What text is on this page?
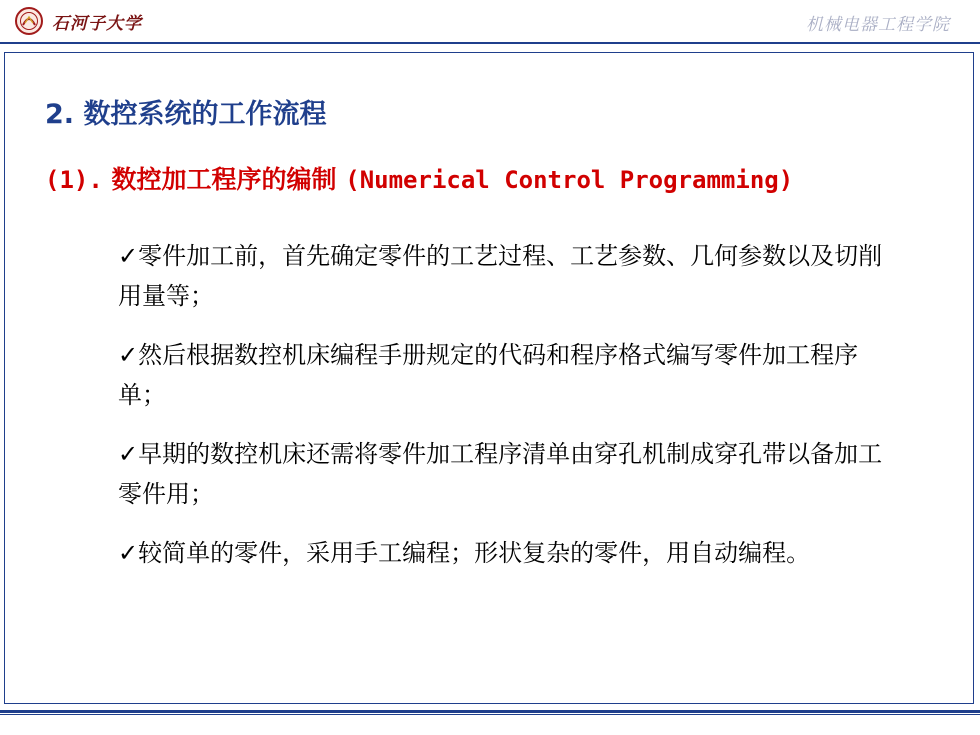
石河子大学	机械电器工程学院
2. 数控系统的工作流程
(1). 数控加工程序的编制 (Numerical Control Programming)
✓零件加工前，首先确定零件的工艺过程、工艺参数、几何参数以及切削用量等；
✓然后根据数控机床编程手册规定的代码和程序格式编写零件加工程序单；
✓早期的数控机床还需将零件加工程序清单由穿孔机制成穿孔带以备加工零件用；
✓较简单的零件，采用手工编程；形状复杂的零件，用自动编程。
